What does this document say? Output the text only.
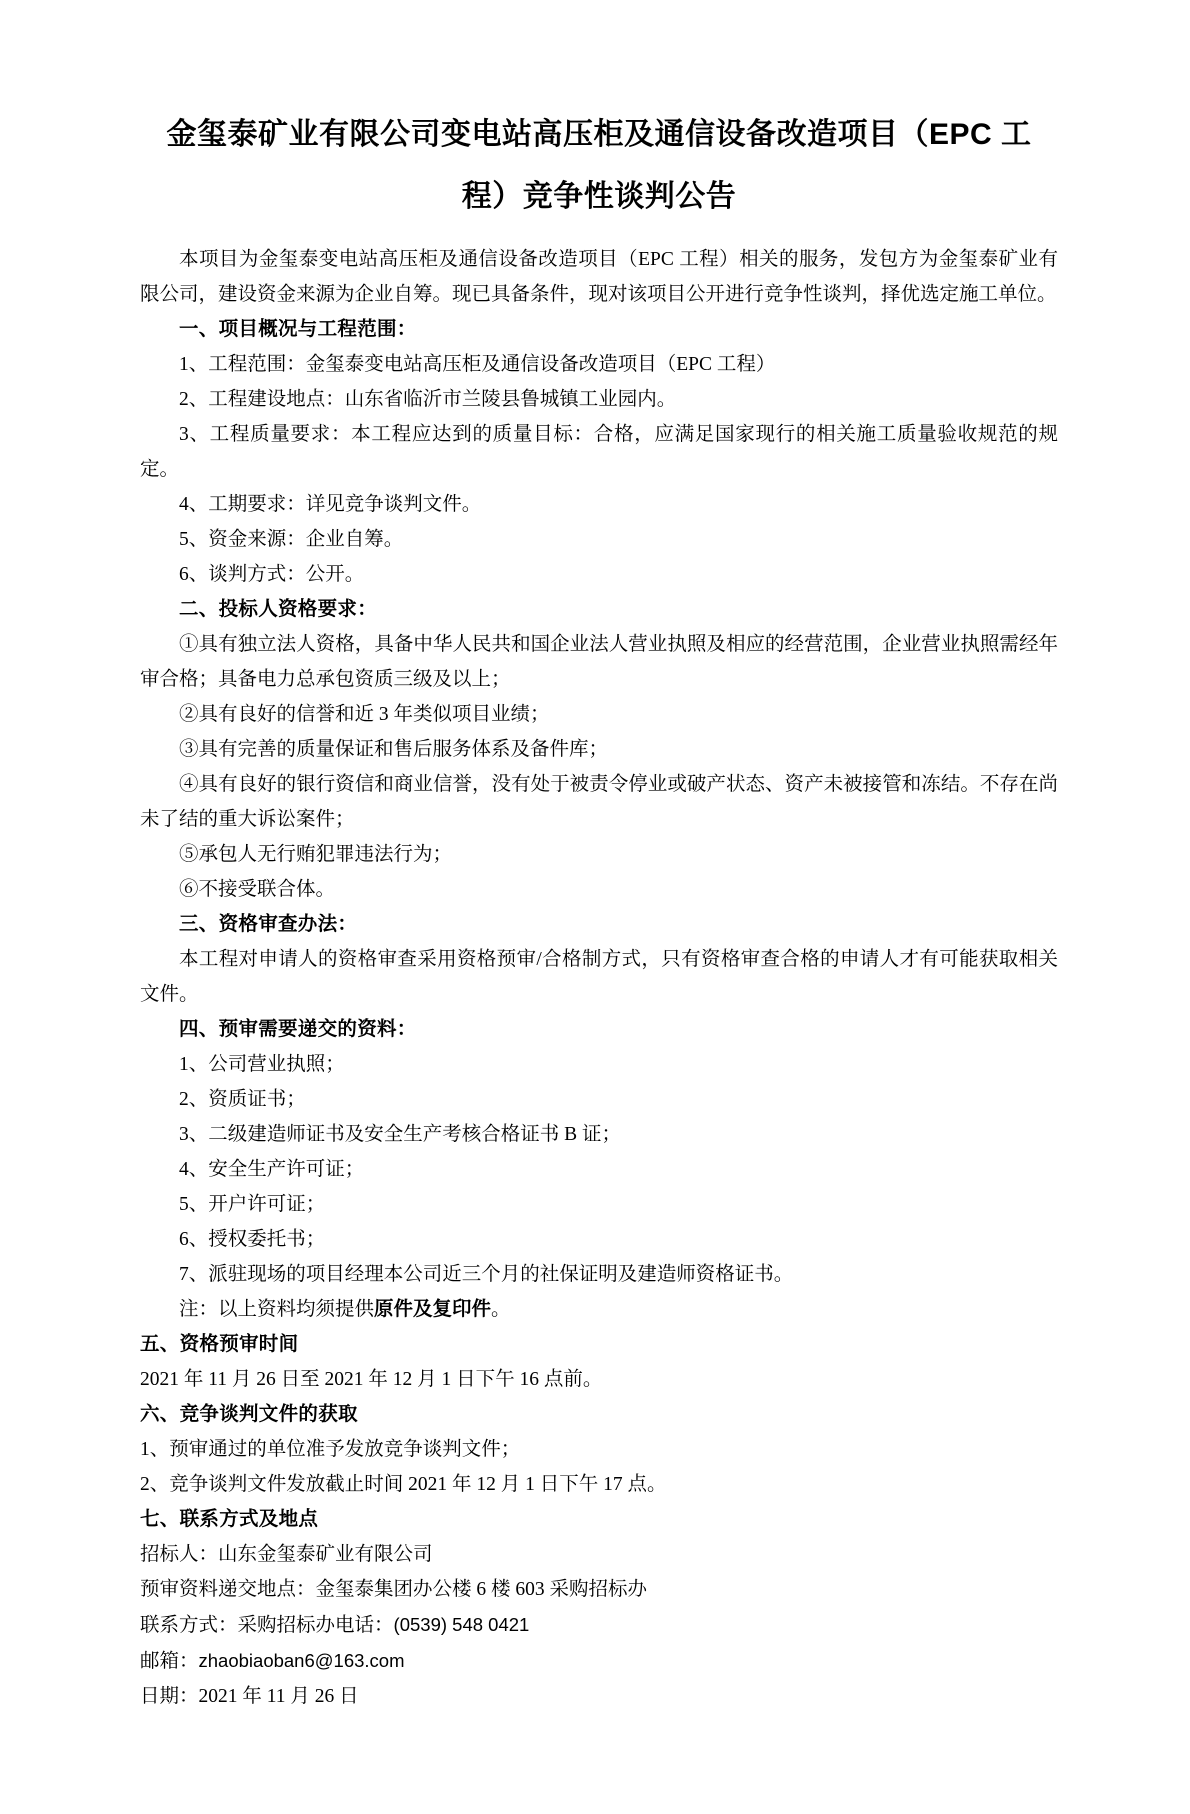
金玺泰矿业有限公司变电站高压柜及通信设备改造项目（EPC 工程）竞争性谈判公告

本项目为金玺泰变电站高压柜及通信设备改造项目（EPC 工程）相关的服务，发包方为金玺泰矿业有限公司，建设资金来源为企业自筹。现已具备条件，现对该项目公开进行竞争性谈判，择优选定施工单位。

一、项目概况与工程范围：

1、工程范围：金玺泰变电站高压柜及通信设备改造项目（EPC 工程）

2、工程建设地点：山东省临沂市兰陵县鲁城镇工业园内。

3、工程质量要求：本工程应达到的质量目标：合格，应满足国家现行的相关施工质量验收规范的规定。

4、工期要求：详见竞争谈判文件。

5、资金来源：企业自筹。

6、谈判方式：公开。

二、投标人资格要求：

①具有独立法人资格，具备中华人民共和国企业法人营业执照及相应的经营范围，企业营业执照需经年审合格；具备电力总承包资质三级及以上；

②具有良好的信誉和近 3 年类似项目业绩；

③具有完善的质量保证和售后服务体系及备件库；

④具有良好的银行资信和商业信誉，没有处于被责令停业或破产状态、资产未被接管和冻结。不存在尚未了结的重大诉讼案件；

⑤承包人无行贿犯罪违法行为；

⑥不接受联合体。

三、资格审查办法：

本工程对申请人的资格审查采用资格预审/合格制方式，只有资格审查合格的申请人才有可能获取相关文件。

四、预审需要递交的资料：

1、公司营业执照；

2、资质证书；

3、二级建造师证书及安全生产考核合格证书 B 证；

4、安全生产许可证；

5、开户许可证；

6、授权委托书；

7、派驻现场的项目经理本公司近三个月的社保证明及建造师资格证书。

注：以上资料均须提供原件及复印件。

五、资格预审时间

2021 年 11 月 26 日至 2021 年 12 月 1 日下午 16 点前。

六、竞争谈判文件的获取

1、预审通过的单位准予发放竞争谈判文件；

2、竞争谈判文件发放截止时间 2021 年 12 月 1 日下午 17 点。

七、联系方式及地点

招标人：山东金玺泰矿业有限公司

预审资料递交地点：金玺泰集团办公楼 6 楼 603 采购招标办

联系方式：采购招标办电话：(0539) 548 0421

邮箱：zhaobiaoban6@163.com

日期：2021 年 11 月 26 日
